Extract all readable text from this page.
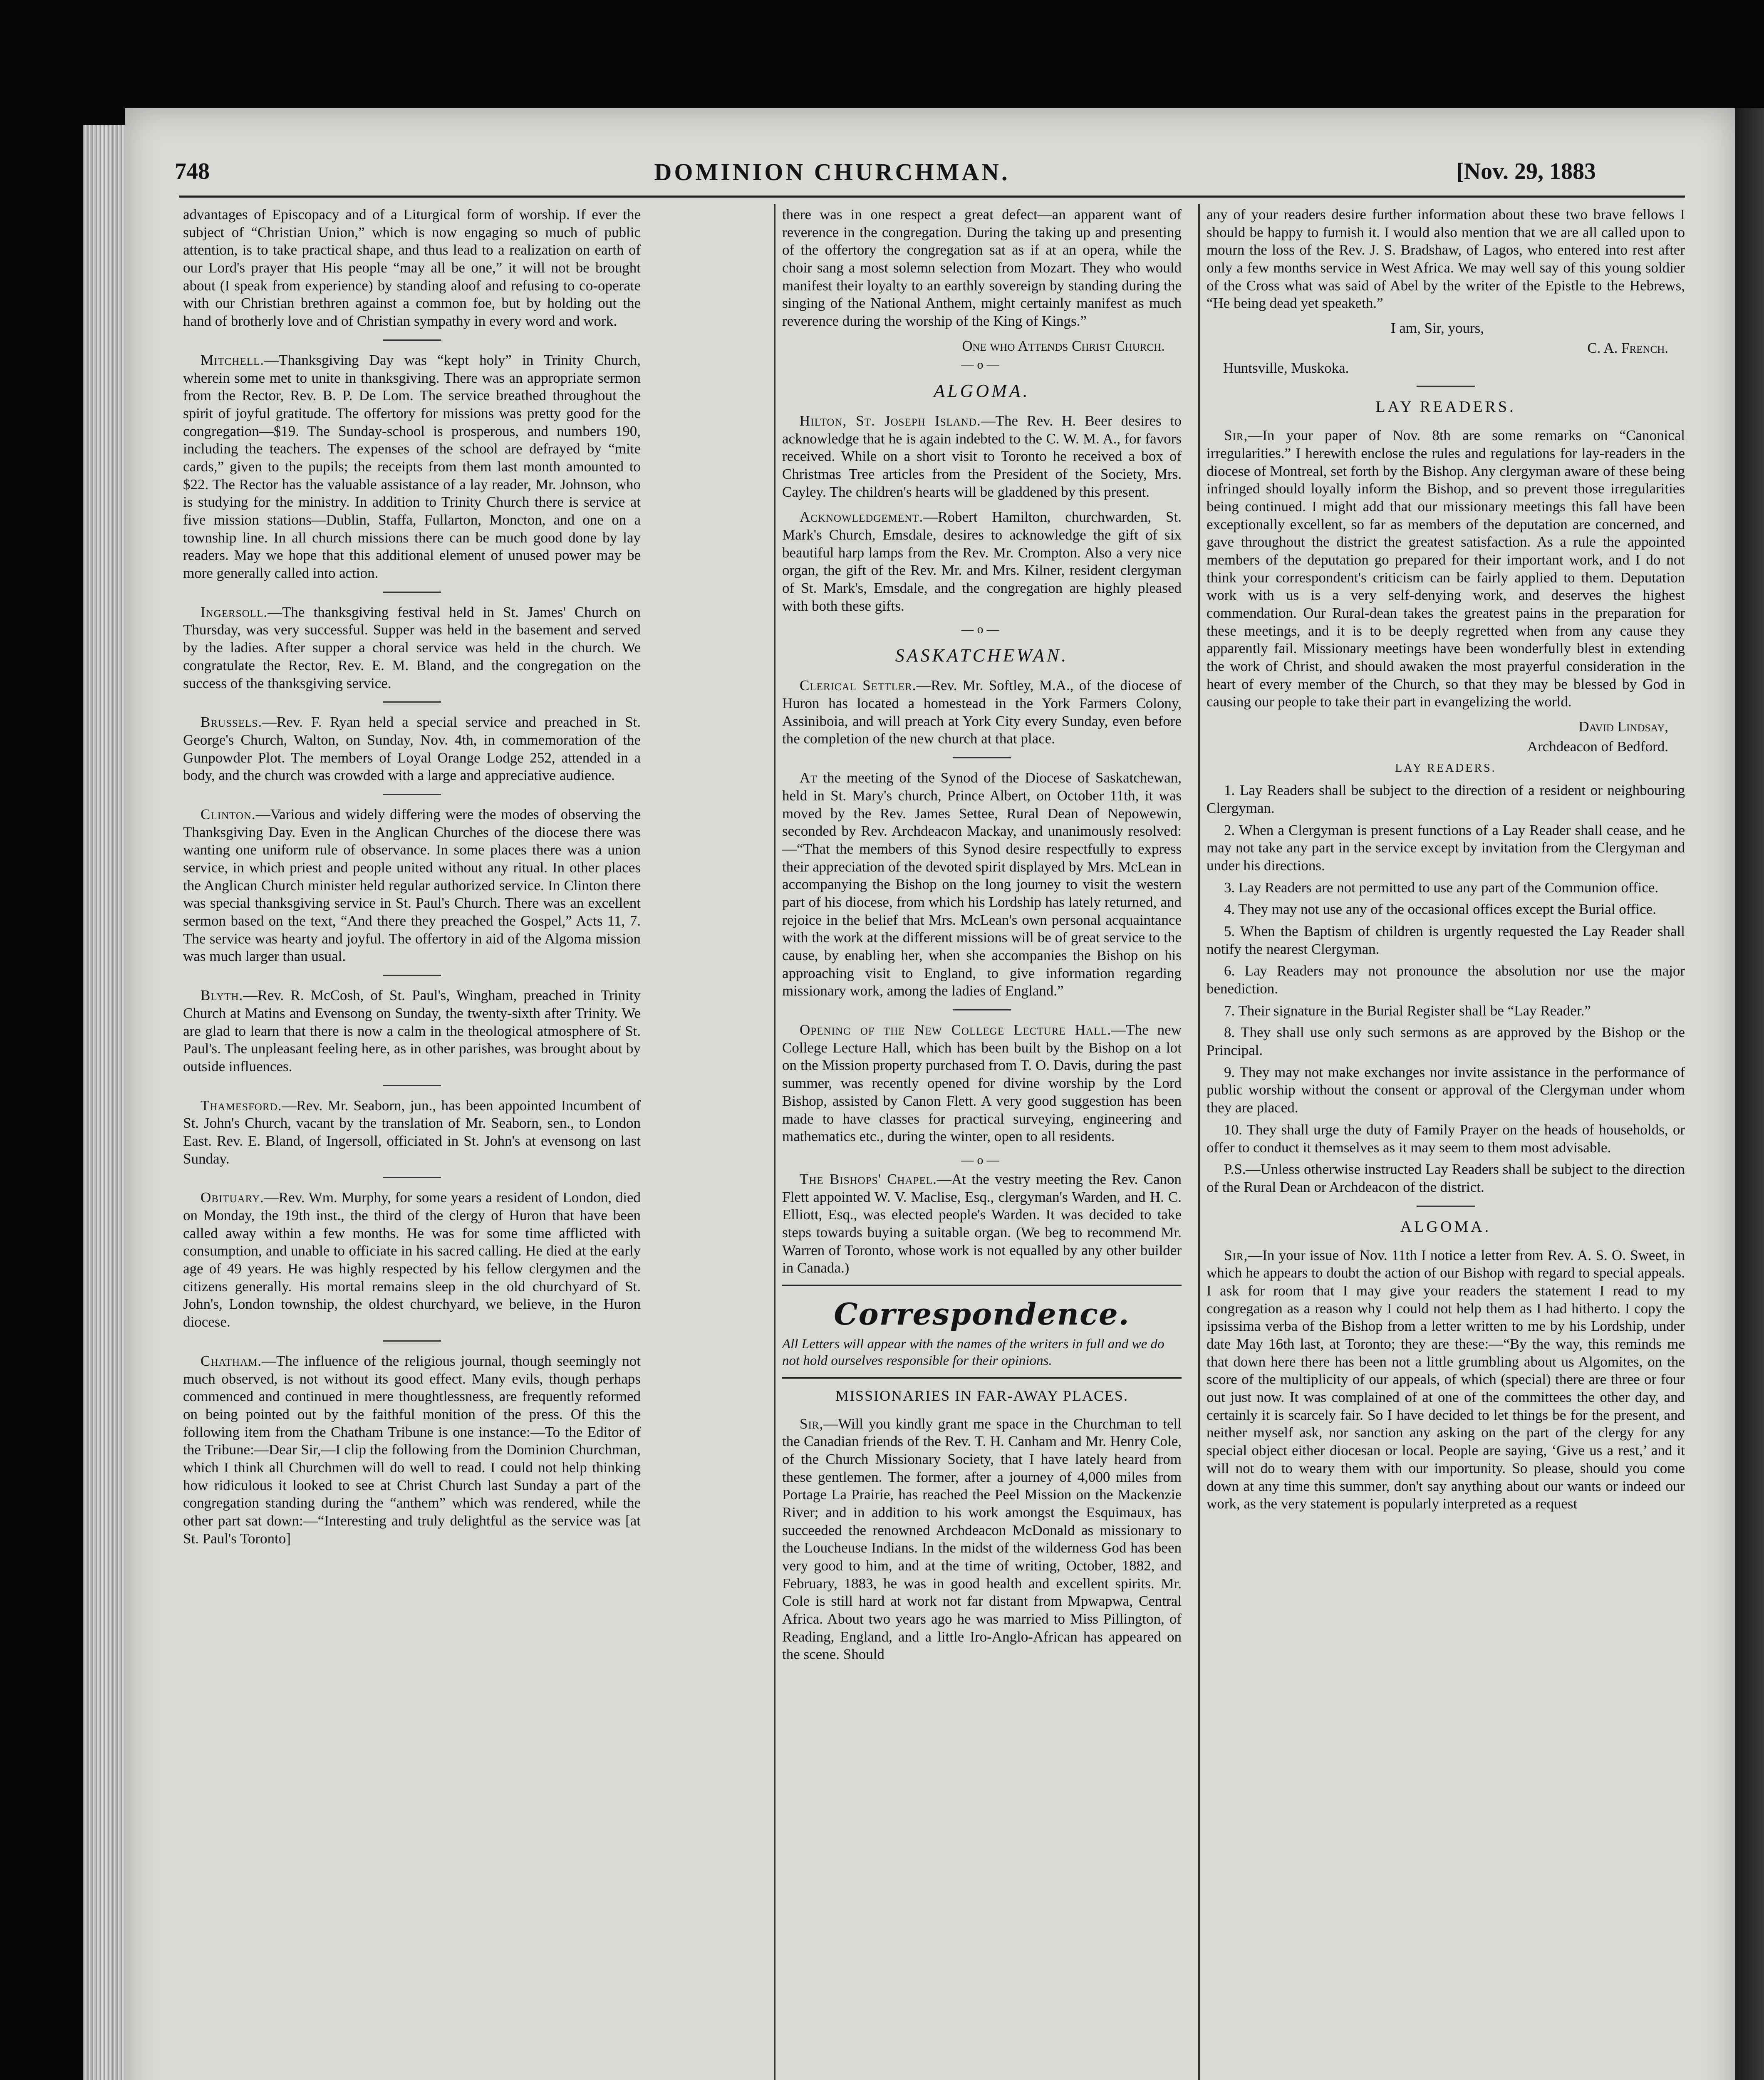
748	DOMINION CHURCHMAN.	[Nov. 29, 1883

advantages of Episcopacy and of a Liturgical form of worship. If ever the subject of “Christian Union,” which is now engaging so much of public attention, is to take practical shape, and thus lead to a realization on earth of our Lord's prayer that His people “may all be one,” it will not be brought about (I speak from experience) by standing aloof and refusing to co-operate with our Christian brethren against a common foe, but by holding out the hand of brotherly love and of Christian sympathy in every word and work.

Mitchell.—Thanksgiving Day was “kept holy” in Trinity Church, wherein some met to unite in thanksgiving. There was an appropriate sermon from the Rector, Rev. B. P. De Lom. The service breathed throughout the spirit of joyful gratitude. The offertory for missions was pretty good for the congregation—$19. The Sunday-school is prosperous, and numbers 190, including the teachers. The expenses of the school are defrayed by “mite cards,” given to the pupils; the receipts from them last month amounted to $22. The Rector has the valuable assistance of a lay reader, Mr. Johnson, who is studying for the ministry. In addition to Trinity Church there is service at five mission stations—Dublin, Staffa, Fullarton, Moncton, and one on a township line. In all church missions there can be much good done by lay readers. May we hope that this additional element of unused power may be more generally called into action.

Ingersoll.—The thanksgiving festival held in St. James' Church on Thursday, was very successful. Supper was held in the basement and served by the ladies. After supper a choral service was held in the church. We congratulate the Rector, Rev. E. M. Bland, and the congregation on the success of the thanksgiving service.

Brussels.—Rev. F. Ryan held a special service and preached in St. George's Church, Walton, on Sunday, Nov. 4th, in commemoration of the Gunpowder Plot. The members of Loyal Orange Lodge 252, attended in a body, and the church was crowded with a large and appreciative audience.

Clinton.—Various and widely differing were the modes of observing the Thanksgiving Day. Even in the Anglican Churches of the diocese there was wanting one uniform rule of observance. In some places there was a union service, in which priest and people united without any ritual. In other places the Anglican Church minister held regular authorized service. In Clinton there was special thanksgiving service in St. Paul's Church. There was an excellent sermon based on the text, “And there they preached the Gospel,” Acts 11, 7. The service was hearty and joyful. The offertory in aid of the Algoma mission was much larger than usual.

Blyth.—Rev. R. McCosh, of St. Paul's, Wingham, preached in Trinity Church at Matins and Evensong on Sunday, the twenty-sixth after Trinity. We are glad to learn that there is now a calm in the theological atmosphere of St. Paul's. The unpleasant feeling here, as in other parishes, was brought about by outside influences.

Thamesford.—Rev. Mr. Seaborn, jun., has been appointed Incumbent of St. John's Church, vacant by the translation of Mr. Seaborn, sen., to London East. Rev. E. Bland, of Ingersoll, officiated in St. John's at evensong on last Sunday.

Obituary.—Rev. Wm. Murphy, for some years a resident of London, died on Monday, the 19th inst., the third of the clergy of Huron that have been called away within a few months. He was for some time afflicted with consumption, and unable to officiate in his sacred calling. He died at the early age of 49 years. He was highly respected by his fellow clergymen and the citizens generally. His mortal remains sleep in the old churchyard of St. John's, London township, the oldest churchyard, we believe, in the Huron diocese.

Chatham.—The influence of the religious journal, though seemingly not much observed, is not without its good effect. Many evils, though perhaps commenced and continued in mere thoughtlessness, are frequently reformed on being pointed out by the faithful monition of the press. Of this the following item from the Chatham Tribune is one instance:—To the Editor of the Tribune:—Dear Sir,—I clip the following from the Dominion Churchman, which I think all Churchmen will do well to read. I could not help thinking how ridiculous it looked to see at Christ Church last Sunday a part of the congregation standing during the “anthem” which was rendered, while the other part sat down:—“Interesting and truly delightful as the service was [at St. Paul's Toronto]

there was in one respect a great defect—an apparent want of reverence in the congregation. During the taking up and presenting of the offertory the congregation sat as if at an opera, while the choir sang a most solemn selection from Mozart. They who would manifest their loyalty to an earthly sovereign by standing during the singing of the National Anthem, might certainly manifest as much reverence during the worship of the King of Kings.”

One who Attends Christ Church.
—o—
ALGOMA.

Hilton, St. Joseph Island.—The Rev. H. Beer desires to acknowledge that he is again indebted to the C. W. M. A., for favors received. While on a short visit to Toronto he received a box of Christmas Tree articles from the President of the Society, Mrs. Cayley. The children's hearts will be gladdened by this present.

Acknowledgement.—Robert Hamilton, churchwarden, St. Mark's Church, Emsdale, desires to acknowledge the gift of six beautiful harp lamps from the Rev. Mr. Crompton. Also a very nice organ, the gift of the Rev. Mr. and Mrs. Kilner, resident clergyman of St. Mark's, Emsdale, and the congregation are highly pleased with both these gifts.

—o—
SASKATCHEWAN.

Clerical Settler.—Rev. Mr. Softley, M.A., of the diocese of Huron has located a homestead in the York Farmers Colony, Assiniboia, and will preach at York City every Sunday, even before the completion of the new church at that place.

At the meeting of the Synod of the Diocese of Saskatchewan, held in St. Mary's church, Prince Albert, on October 11th, it was moved by the Rev. James Settee, Rural Dean of Nepowewin, seconded by Rev. Archdeacon Mackay, and unanimously resolved:—“That the members of this Synod desire respectfully to express their appreciation of the devoted spirit displayed by Mrs. McLean in accompanying the Bishop on the long journey to visit the western part of his diocese, from which his Lordship has lately returned, and rejoice in the belief that Mrs. McLean's own personal acquaintance with the work at the different missions will be of great service to the cause, by enabling her, when she accompanies the Bishop on his approaching visit to England, to give information regarding missionary work, among the ladies of England.”

Opening of the New College Lecture Hall.—The new College Lecture Hall, which has been built by the Bishop on a lot on the Mission property purchased from T. O. Davis, during the past summer, was recently opened for divine worship by the Lord Bishop, assisted by Canon Flett. A very good suggestion has been made to have classes for practical surveying, engineering and mathematics etc., during the winter, open to all residents.

—o—

The Bishops' Chapel.—At the vestry meeting the Rev. Canon Flett appointed W. V. Maclise, Esq., clergyman's Warden, and H. C. Elliott, Esq., was elected people's Warden. It was decided to take steps towards buying a suitable organ. (We beg to recommend Mr. Warren of Toronto, whose work is not equalled by any other builder in Canada.)

Correspondence.

All Letters will appear with the names of the writers in full and we do not hold ourselves responsible for their opinions.

MISSIONARIES IN FAR-AWAY PLACES.

Sir,—Will you kindly grant me space in the Churchman to tell the Canadian friends of the Rev. T. H. Canham and Mr. Henry Cole, of the Church Missionary Society, that I have lately heard from these gentlemen. The former, after a journey of 4,000 miles from Portage La Prairie, has reached the Peel Mission on the Mackenzie River; and in addition to his work amongst the Esquimaux, has succeeded the renowned Archdeacon McDonald as missionary to the Loucheuse Indians. In the midst of the wilderness God has been very good to him, and at the time of writing, October, 1882, and February, 1883, he was in good health and excellent spirits. Mr. Cole is still hard at work not far distant from Mpwapwa, Central Africa. About two years ago he was married to Miss Pillington, of Reading, England, and a little Iro-Anglo-African has appeared on the scene. Should

any of your readers desire further information about these two brave fellows I should be happy to furnish it. I would also mention that we are all called upon to mourn the loss of the Rev. J. S. Bradshaw, of Lagos, who entered into rest after only a few months service in West Africa. We may well say of this young soldier of the Cross what was said of Abel by the writer of the Epistle to the Hebrews, “He being dead yet speaketh.”

I am, Sir, yours,
C. A. French.
Huntsville, Muskoka.
LAY READERS.

Sir,—In your paper of Nov. 8th are some remarks on “Canonical irregularities.” I herewith enclose the rules and regulations for lay-readers in the diocese of Montreal, set forth by the Bishop. Any clergyman aware of these being infringed should loyally inform the Bishop, and so prevent those irregularities being continued. I might add that our missionary meetings this fall have been exceptionally excellent, so far as members of the deputation are concerned, and gave throughout the district the greatest satisfaction. As a rule the appointed members of the deputation go prepared for their important work, and I do not think your correspondent's criticism can be fairly applied to them. Deputation work with us is a very self-denying work, and deserves the highest commendation. Our Rural-dean takes the greatest pains in the preparation for these meetings, and it is to be deeply regretted when from any cause they apparently fail. Missionary meetings have been wonderfully blest in extending the work of Christ, and should awaken the most prayerful consideration in the heart of every member of the Church, so that they may be blessed by God in causing our people to take their part in evangelizing the world.

David Lindsay,
Archdeacon of Bedford.
LAY READERS.

1. Lay Readers shall be subject to the direction of a resident or neighbouring Clergyman.

2. When a Clergyman is present functions of a Lay Reader shall cease, and he may not take any part in the service except by invitation from the Clergyman and under his directions.

3. Lay Readers are not permitted to use any part of the Communion office.

4. They may not use any of the occasional offices except the Burial office.

5. When the Baptism of children is urgently requested the Lay Reader shall notify the nearest Clergyman.

6. Lay Readers may not pronounce the absolution nor use the major benediction.

7. Their signature in the Burial Register shall be “Lay Reader.”

8. They shall use only such sermons as are approved by the Bishop or the Principal.

9. They may not make exchanges nor invite assistance in the performance of public worship without the consent or approval of the Clergyman under whom they are placed.

10. They shall urge the duty of Family Prayer on the heads of households, or offer to conduct it themselves as it may seem to them most advisable.

P.S.—Unless otherwise instructed Lay Readers shall be subject to the direction of the Rural Dean or Archdeacon of the district.

ALGOMA.

Sir,—In your issue of Nov. 11th I notice a letter from Rev. A. S. O. Sweet, in which he appears to doubt the action of our Bishop with regard to special appeals. I ask for room that I may give your readers the statement I read to my congregation as a reason why I could not help them as I had hitherto. I copy the ipsissima verba of the Bishop from a letter written to me by his Lordship, under date May 16th last, at Toronto; they are these:—“By the way, this reminds me that down here there has been not a little grumbling about us Algomites, on the score of the multiplicity of our appeals, of which (special) there are three or four out just now. It was complained of at one of the committees the other day, and certainly it is scarcely fair. So I have decided to let things be for the present, and neither myself ask, nor sanction any asking on the part of the clergy for any special object either diocesan or local. People are saying, ‘Give us a rest,’ and it will not do to weary them with our importunity. So please, should you come down at any time this summer, don't say anything about our wants or indeed our work, as the very statement is popularly interpreted as a request
